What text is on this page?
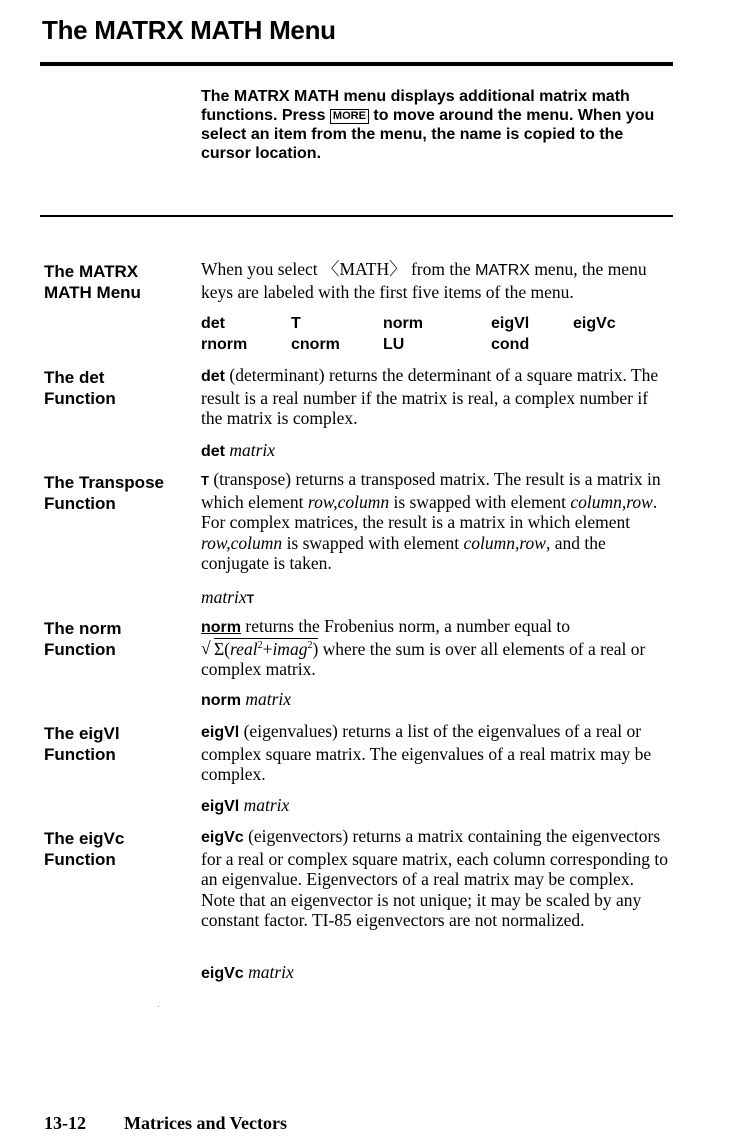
The MATRX MATH Menu
The MATRX MATH menu displays additional matrix math functions. Press MORE to move around the menu. When you select an item from the menu, the name is copied to the cursor location.
The MATRX
MATH Menu
When you select 〈MATH〉 from the MATRX menu, the menu keys are labeled with the first five items of the menu.
det	T	norm	eigVl	eigVc
rnorm	cnorm	LU	cond
The det
Function
det (determinant) returns the determinant of a square matrix. The result is a real number if the matrix is real, a complex number if the matrix is complex.
det matrix
The Transpose
Function
T (transpose) returns a transposed matrix. The result is a matrix in which element row,column is swapped with element column,row. For complex matrices, the result is a matrix in which element row,column is swapped with element column,row, and the conjugate is taken.
matrixT
The norm
Function
norm returns the Frobenius norm, a number equal to
√ Σ(real$^2$+imag$^2$) where the sum is over all elements of a real or complex matrix.
norm matrix
The eigVl
Function
eigVl (eigenvalues) returns a list of the eigenvalues of a real or complex square matrix. The eigenvalues of a real matrix may be complex.
eigVl matrix
The eigVc
Function
eigVc (eigenvectors) returns a matrix containing the eigenvectors for a real or complex square matrix, each column corresponding to an eigenvalue. Eigenvectors of a real matrix may be complex. Note that an eigenvector is not unique; it may be scaled by any constant factor. TI-85 eigenvectors are not normalized.
eigVc matrix
13-12 Matrices and Vectors
